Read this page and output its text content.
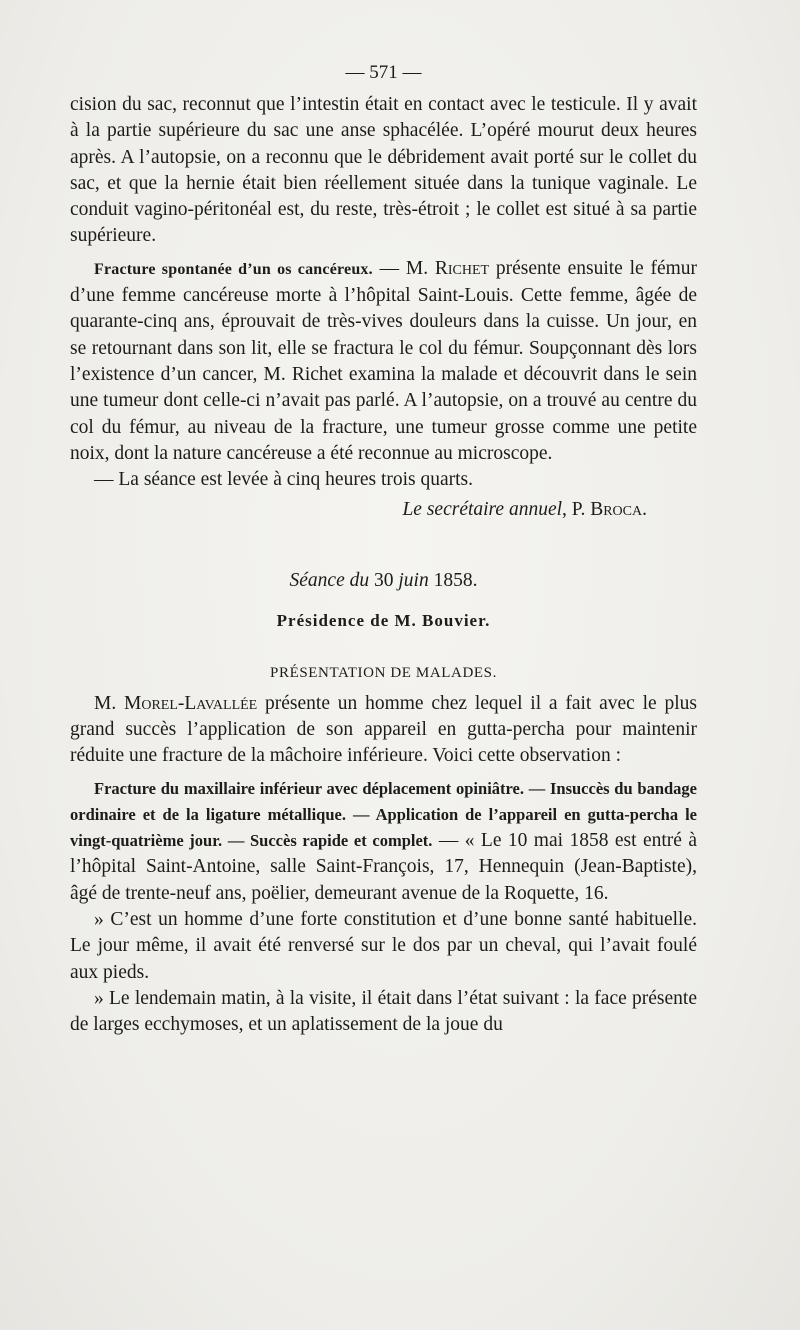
— 571 —

cision du sac, reconnut que l’intestin était en contact avec le testicule. Il y avait à la partie supérieure du sac une anse sphacélée. L’opéré mourut deux heures après. A l’autopsie, on a reconnu que le débridement avait porté sur le collet du sac, et que la hernie était bien réellement située dans la tunique vaginale. Le conduit vagino-péritonéal est, du reste, très-étroit ; le collet est situé à sa partie supérieure.

Fracture spontanée d’un os cancéreux. — M. Richet présente ensuite le fémur d’une femme cancéreuse morte à l’hôpital Saint-Louis. Cette femme, âgée de quarante-cinq ans, éprouvait de très-vives douleurs dans la cuisse. Un jour, en se retournant dans son lit, elle se fractura le col du fémur. Soupçonnant dès lors l’existence d’un cancer, M. Richet examina la malade et découvrit dans le sein une tumeur dont celle-ci n’avait pas parlé. A l’autopsie, on a trouvé au centre du col du fémur, au niveau de la fracture, une tumeur grosse comme une petite noix, dont la nature cancéreuse a été reconnue au microscope.

— La séance est levée à cinq heures trois quarts.

Le secrétaire annuel, P. Broca.
Séance du 30 juin 1858.
Présidence de M. Bouvier.
PRÉSENTATION DE MALADES.

M. Morel-Lavallée présente un homme chez lequel il a fait avec le plus grand succès l’application de son appareil en gutta-percha pour maintenir réduite une fracture de la mâchoire inférieure. Voici cette observation :

Fracture du maxillaire inférieur avec déplacement opiniâtre. — Insuccès du bandage ordinaire et de la ligature métallique. — Application de l’appareil en gutta-percha le vingt-quatrième jour. — Succès rapide et complet. — « Le 10 mai 1858 est entré à l’hôpital Saint-Antoine, salle Saint-François, 17, Hennequin (Jean-Baptiste), âgé de trente-neuf ans, poëlier, demeurant avenue de la Roquette, 16.

» C’est un homme d’une forte constitution et d’une bonne santé habituelle. Le jour même, il avait été renversé sur le dos par un cheval, qui l’avait foulé aux pieds.

» Le lendemain matin, à la visite, il était dans l’état suivant : la face présente de larges ecchymoses, et un aplatissement de la joue du
